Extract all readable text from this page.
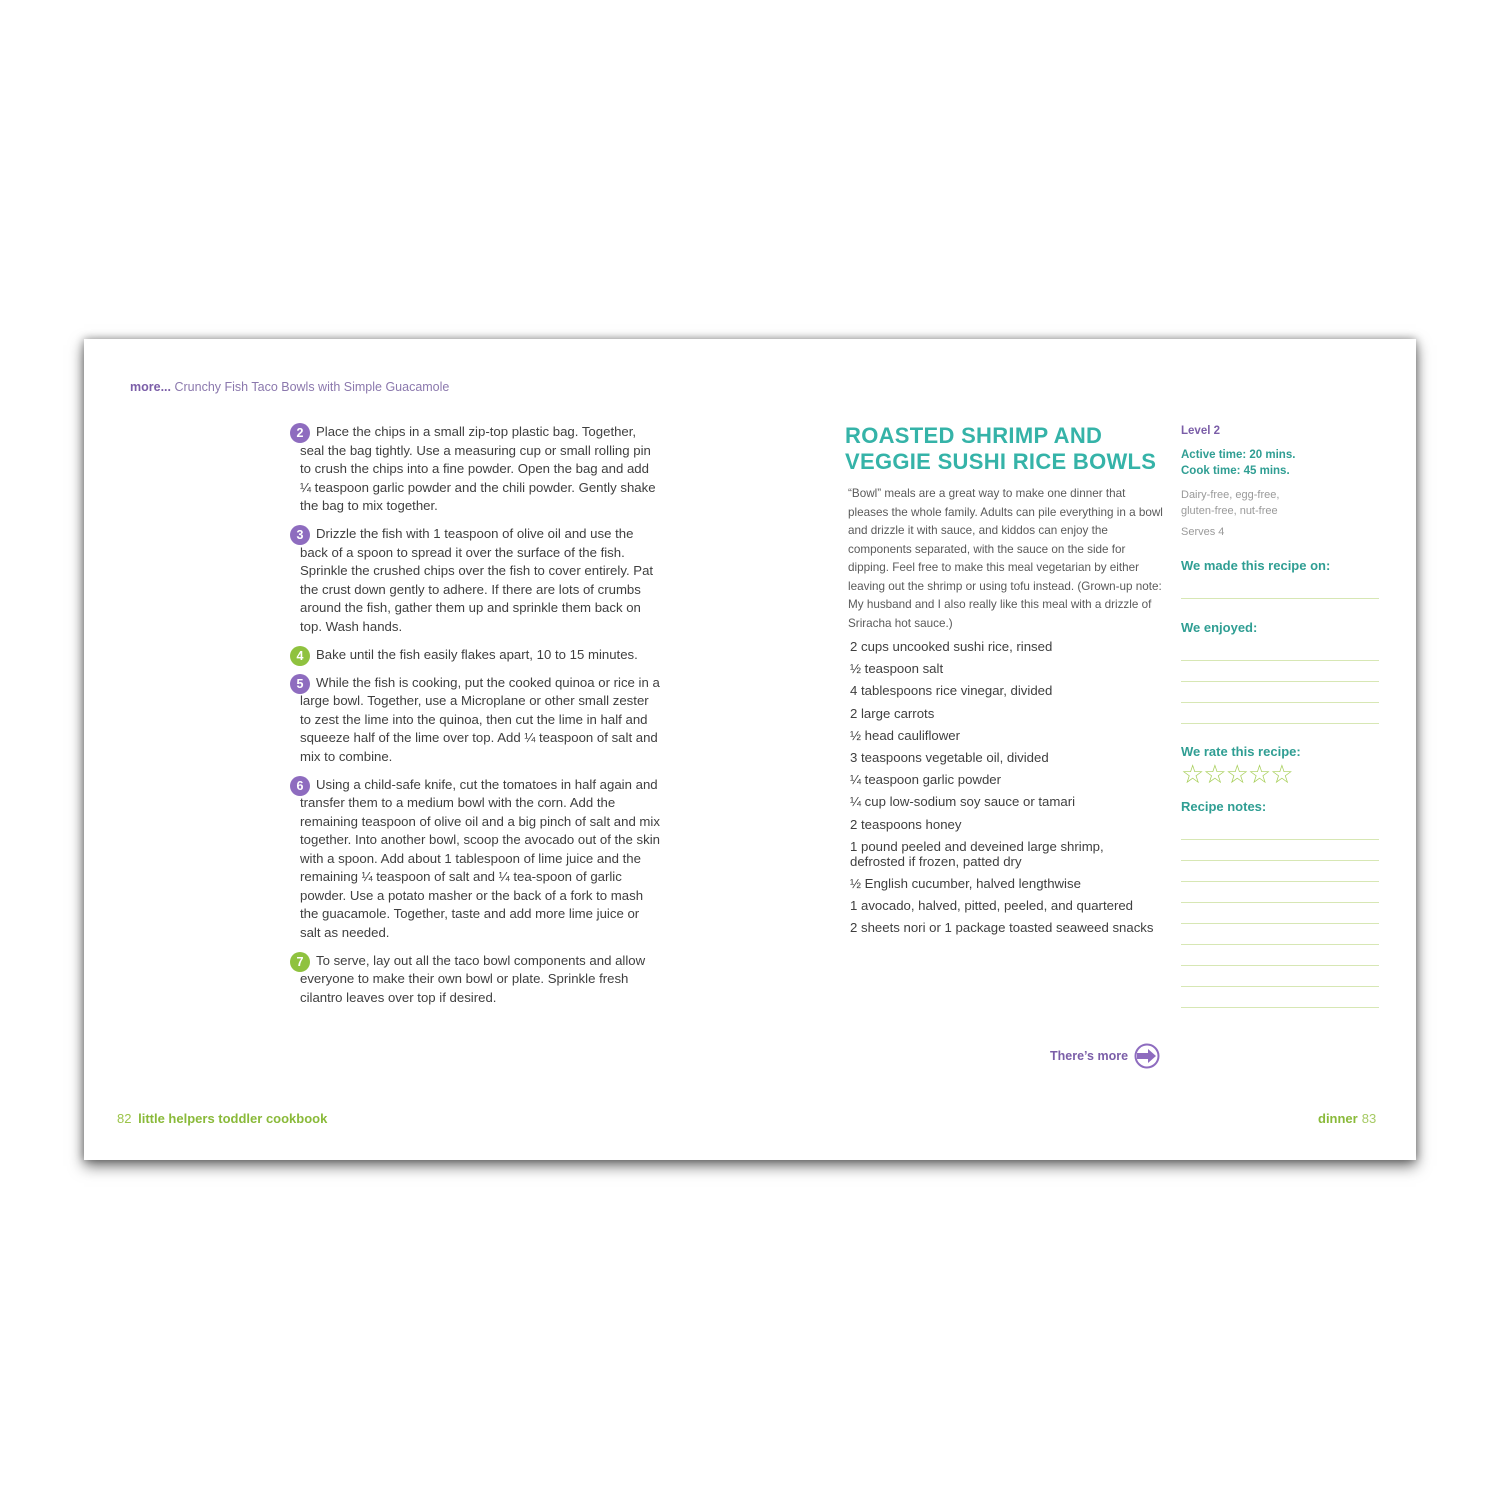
more... Crunchy Fish Taco Bowls with Simple Guacamole
2 Place the chips in a small zip-top plastic bag. Together, seal the bag tightly. Use a measuring cup or small rolling pin to crush the chips into a fine powder. Open the bag and add ¼ teaspoon garlic powder and the chili powder. Gently shake the bag to mix together.
3 Drizzle the fish with 1 teaspoon of olive oil and use the back of a spoon to spread it over the surface of the fish. Sprinkle the crushed chips over the fish to cover entirely. Pat the crust down gently to adhere. If there are lots of crumbs around the fish, gather them up and sprinkle them back on top. Wash hands.
4 Bake until the fish easily flakes apart, 10 to 15 minutes.
5 While the fish is cooking, put the cooked quinoa or rice in a large bowl. Together, use a Microplane or other small zester to zest the lime into the quinoa, then cut the lime in half and squeeze half of the lime over top. Add ¼ teaspoon of salt and mix to combine.
6 Using a child-safe knife, cut the tomatoes in half again and transfer them to a medium bowl with the corn. Add the remaining teaspoon of olive oil and a big pinch of salt and mix together. Into another bowl, scoop the avocado out of the skin with a spoon. Add about 1 tablespoon of lime juice and the remaining ¼ teaspoon of salt and ¼ tea-spoon of garlic powder. Use a potato masher or the back of a fork to mash the guacamole. Together, taste and add more lime juice or salt as needed.
7 To serve, lay out all the taco bowl components and allow everyone to make their own bowl or plate. Sprinkle fresh cilantro leaves over top if desired.
82 little helpers toddler cookbook
ROASTED SHRIMP AND VEGGIE SUSHI RICE BOWLS
“Bowl” meals are a great way to make one dinner that pleases the whole family. Adults can pile everything in a bowl and drizzle it with sauce, and kiddos can enjoy the components separated, with the sauce on the side for dipping. Feel free to make this meal vegetarian by either leaving out the shrimp or using tofu instead. (Grown-up note: My husband and I also really like this meal with a drizzle of Sriracha hot sauce.)
2 cups uncooked sushi rice, rinsed
½ teaspoon salt
4 tablespoons rice vinegar, divided
2 large carrots
½ head cauliflower
3 teaspoons vegetable oil, divided
¼ teaspoon garlic powder
¼ cup low-sodium soy sauce or tamari
2 teaspoons honey
1 pound peeled and deveined large shrimp, defrosted if frozen, patted dry
½ English cucumber, halved lengthwise
1 avocado, halved, pitted, peeled, and quartered
2 sheets nori or 1 package toasted seaweed snacks
There’s more
Level 2
Active time: 20 mins.
Cook time: 45 mins.
Dairy-free, egg-free,
gluten-free, nut-free
Serves 4
We made this recipe on:
We enjoyed:
We rate this recipe:
☆☆☆☆☆
Recipe notes:
dinner 83
